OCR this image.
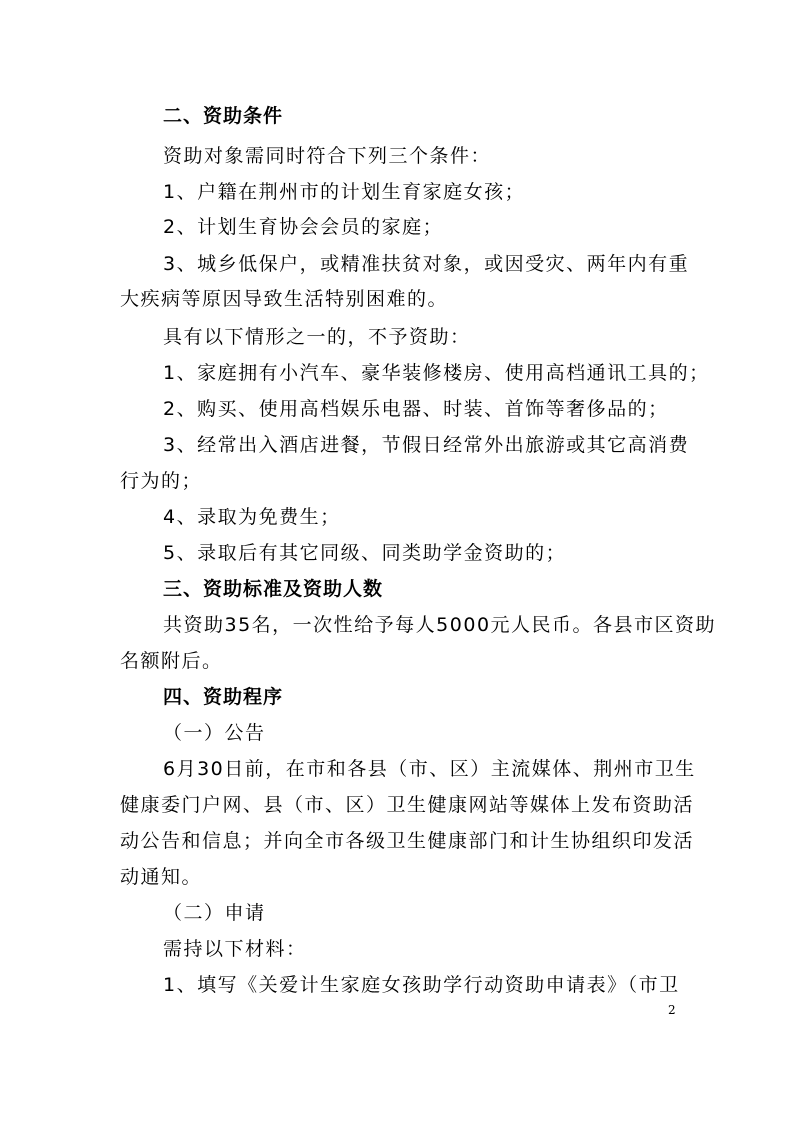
二、资助条件
资助对象需同时符合下列三个条件：
1、户籍在荆州市的计划生育家庭女孩；
2、计划生育协会会员的家庭；
3、城乡低保户，或精准扶贫对象，或因受灾、两年内有重
大疾病等原因导致生活特别困难的。
具有以下情形之一的，不予资助：
1、家庭拥有小汽车、豪华装修楼房、使用高档通讯工具的；
2、购买、使用高档娱乐电器、时装、首饰等奢侈品的；
3、经常出入酒店进餐，节假日经常外出旅游或其它高消费
行为的；
4、录取为免费生；
5、录取后有其它同级、同类助学金资助的；
三、资助标准及资助人数
共资助35名，一次性给予每人5000元人民币。各县市区资助
名额附后。
四、资助程序
（一）公告
6月30日前，在市和各县（市、区）主流媒体、荆州市卫生
健康委门户网、县（市、区）卫生健康网站等媒体上发布资助活
动公告和信息；并向全市各级卫生健康部门和计生协组织印发活
动通知。
（二）申请
需持以下材料：
1、填写《关爱计生家庭女孩助学行动资助申请表》（市卫
2
